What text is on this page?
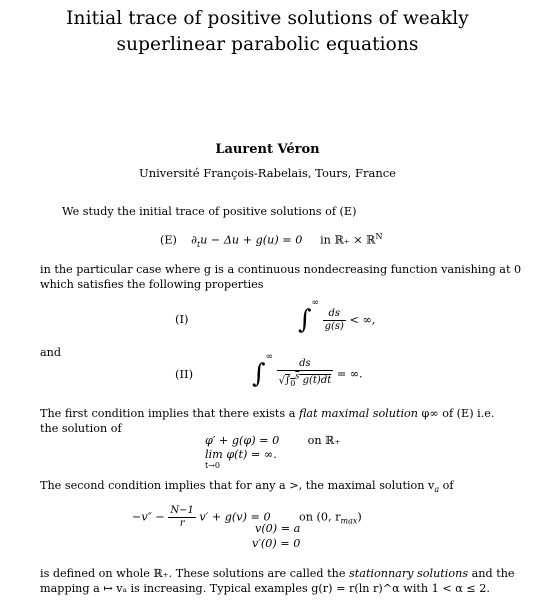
Initial trace of positive solutions of weakly
superlinear parabolic equations
Laurent Véron
Université François-Rabelais, Tours, France
We study the initial trace of positive solutions of (E)
(E) $\partial_tu - \Delta u + g(u) = 0$ in ℝ₊ × ℝ$^N$
in the particular case where g is a continuous nondecreasing function vanishing at 0
which satisfies the following properties
(I)	∫∞
$\frac{ds}{g(s)}$ < ∞,
and
(II) ∫∞
$\frac{ds}{√\int_0^s g(t)dt}$ = ∞.
The first condition implies that there exists a flat maximal solution φ∞ of (E) i.e.
the solution of
φ′ + g(φ) = 0	on ℝ₊
lim φ(t) = ∞.
t→0
The second condition implies that for any a >, the maximal solution $v_a$ of
$-v'' - \frac{N-1}{r} v' + g(v) = 0$	on (0, $r_{max}$)
v(0) = a
v′(0) = 0
is defined on whole ℝ₊. These solutions are called the stationnary solutions and the
mapping a ↦ vₐ is increasing. Typical examples g(r) = r(ln r)^α with 1 < α ≤ 2.
